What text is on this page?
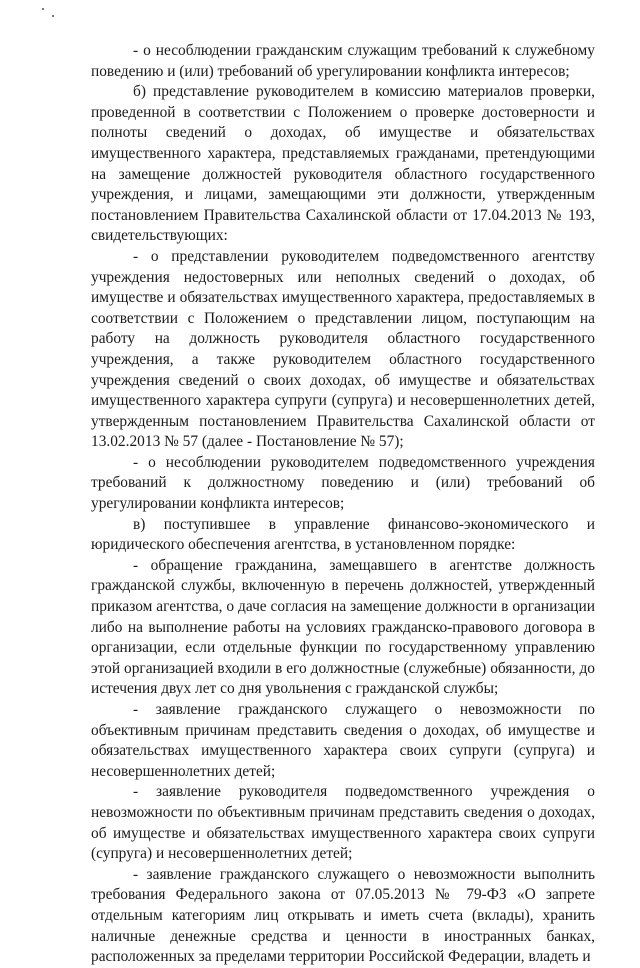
- о несоблюдении гражданским служащим требований к служебному поведению и (или) требований об урегулировании конфликта интересов;

б) представление руководителем в комиссию материалов проверки, проведенной в соответствии с Положением о проверке достоверности и полноты сведений о доходах, об имуществе и обязательствах имущественного характера, представляемых гражданами, претендующими на замещение должностей руководителя областного государственного учреждения, и лицами, замещающими эти должности, утвержденным постановлением Правительства Сахалинской области от 17.04.2013 № 193, свидетельствующих:

- о представлении руководителем подведомственного агентству учреждения недостоверных или неполных сведений о доходах, об имуществе и обязательствах имущественного характера, предоставляемых в соответствии с Положением о представлении лицом, поступающим на работу на должность руководителя областного государственного учреждения, а также руководителем областного государственного учреждения сведений о своих доходах, об имуществе и обязательствах имущественного характера супруги (супруга) и несовершеннолетних детей, утвержденным постановлением Правительства Сахалинской области от 13.02.2013 № 57 (далее - Постановление № 57);

- о несоблюдении руководителем подведомственного учреждения требований к должностному поведению и (или) требований об урегулировании конфликта интересов;

в) поступившее в управление финансово-экономического и юридического обеспечения агентства, в установленном порядке:

- обращение гражданина, замещавшего в агентстве должность гражданской службы, включенную в перечень должностей, утвержденный приказом агентства, о даче согласия на замещение должности в организации либо на выполнение работы на условиях гражданско-правового договора в организации, если отдельные функции по государственному управлению этой организацией входили в его должностные (служебные) обязанности, до истечения двух лет со дня увольнения с гражданской службы;

- заявление гражданского служащего о невозможности по объективным причинам представить сведения о доходах, об имуществе и обязательствах имущественного характера своих супруги (супруга) и несовершеннолетних детей;

- заявление руководителя подведомственного учреждения о невозможности по объективным причинам представить сведения о доходах, об имуществе и обязательствах имущественного характера своих супруги (супруга) и несовершеннолетних детей;

- заявление гражданского служащего о невозможности выполнить требования Федерального закона от 07.05.2013 № 79-ФЗ «О запрете отдельным категориям лиц открывать и иметь счета (вклады), хранить наличные денежные средства и ценности в иностранных банках, расположенных за пределами территории Российской Федерации, владеть и
